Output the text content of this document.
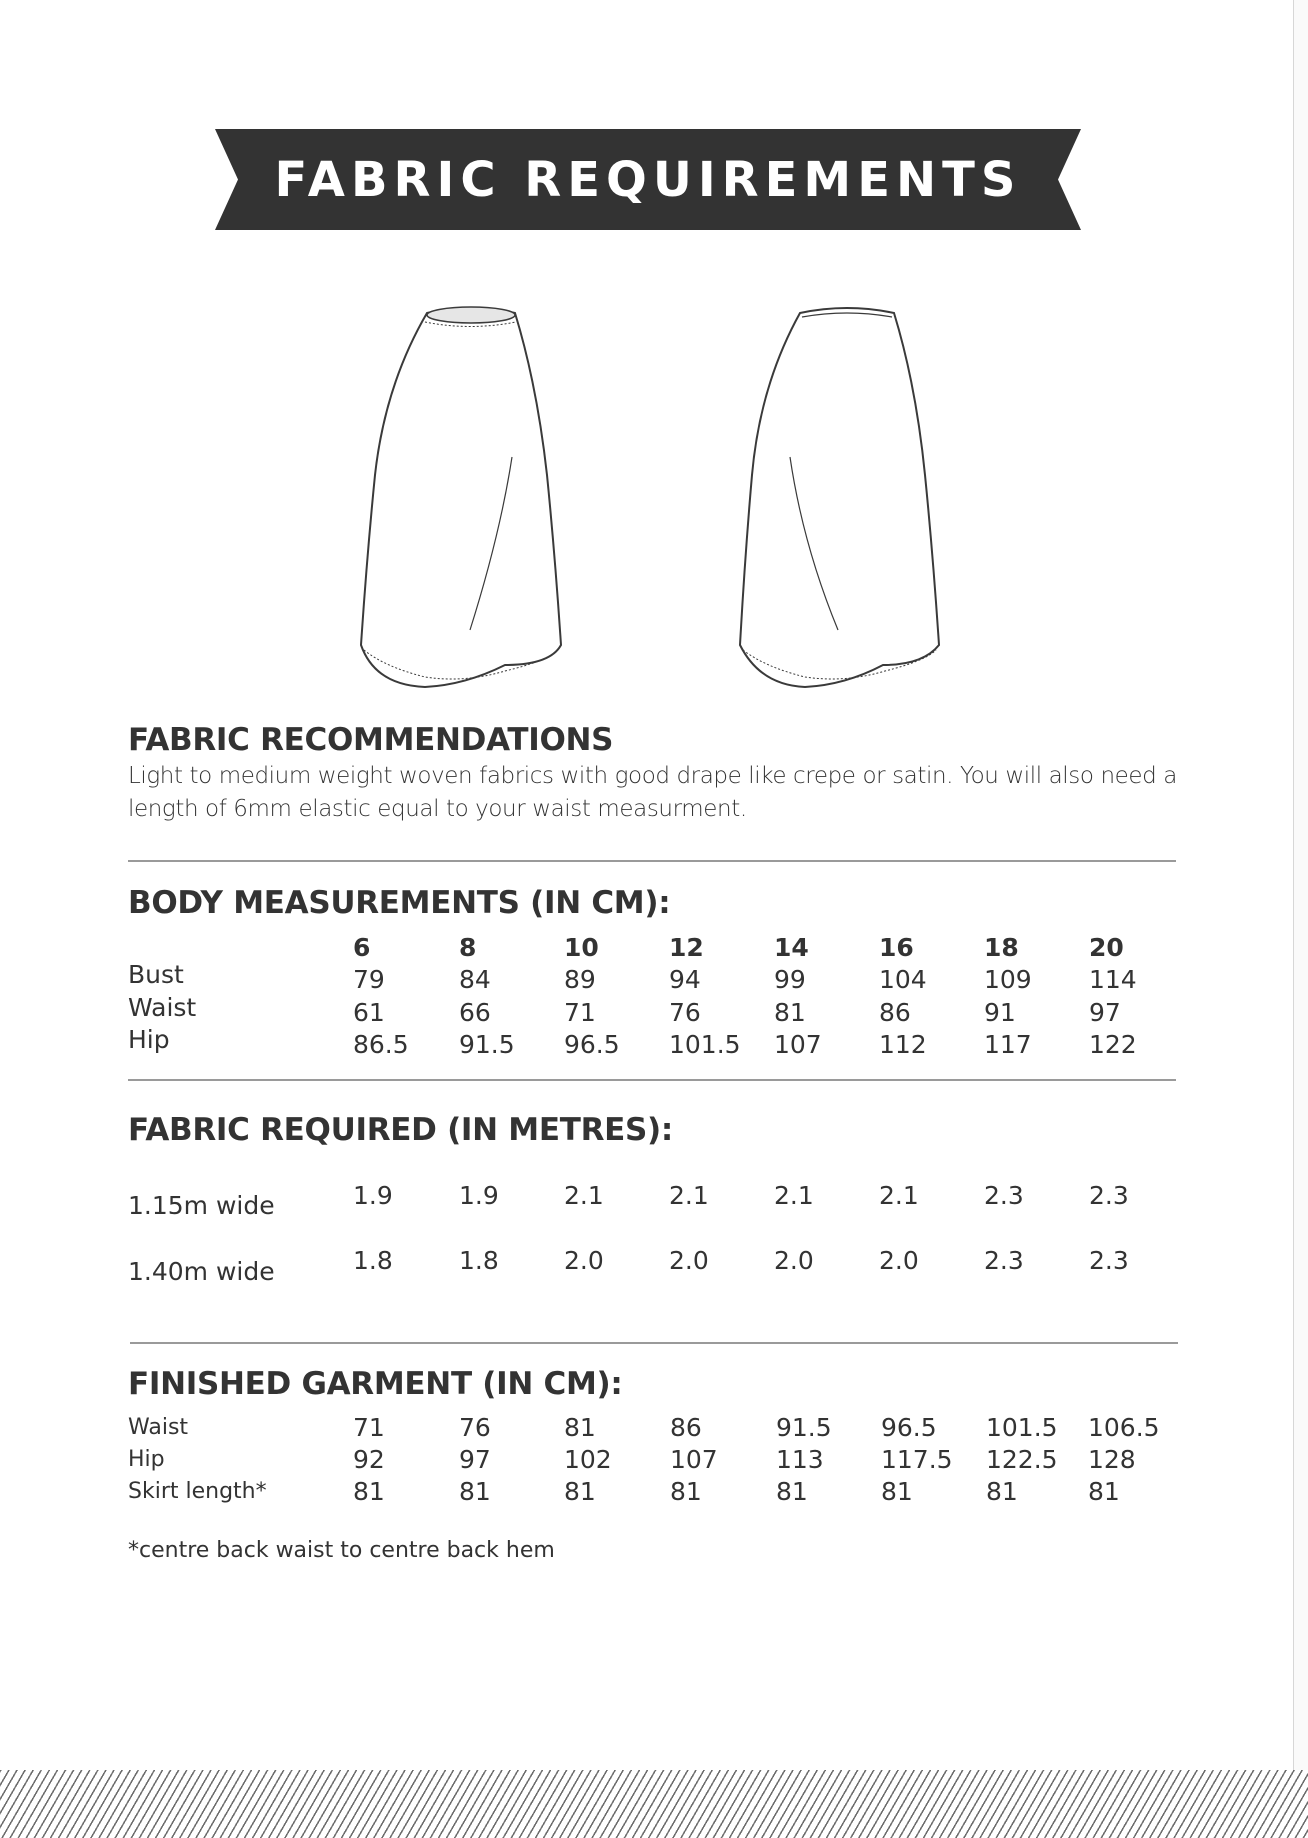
FABRIC REQUIREMENTS
FABRIC RECOMMENDATIONS
Light to medium weight woven fabrics with good drape like crepe or satin. You will also need a length of 6mm elastic equal to your waist measurment.
BODY MEASUREMENTS (IN CM):
6	8	10	12	14	16	18	20
Bust	79	84	89	94	99	104 109 114
Waist	61	66	71	76	81	86	91	97
Hip	86.5 91.5 96.5 101.5 107 112 117 122
FABRIC REQUIRED (IN METRES):
1.15m wide	1.9	1.9	2.1	2.1	2.1	2.1	2.3	2.3
1.40m wide	1.8	1.8	2.0	2.0	2.0	2.0	2.3	2.3
FINISHED GARMENT (IN CM):
Waist	71	76	81	86	91.5 96.5 101.5 106.5
Hip	92	97	102 107 113 117.5 122.5 128
Skirt length*	81	81	81	81	81	81	81	81
*centre back waist to centre back hem
